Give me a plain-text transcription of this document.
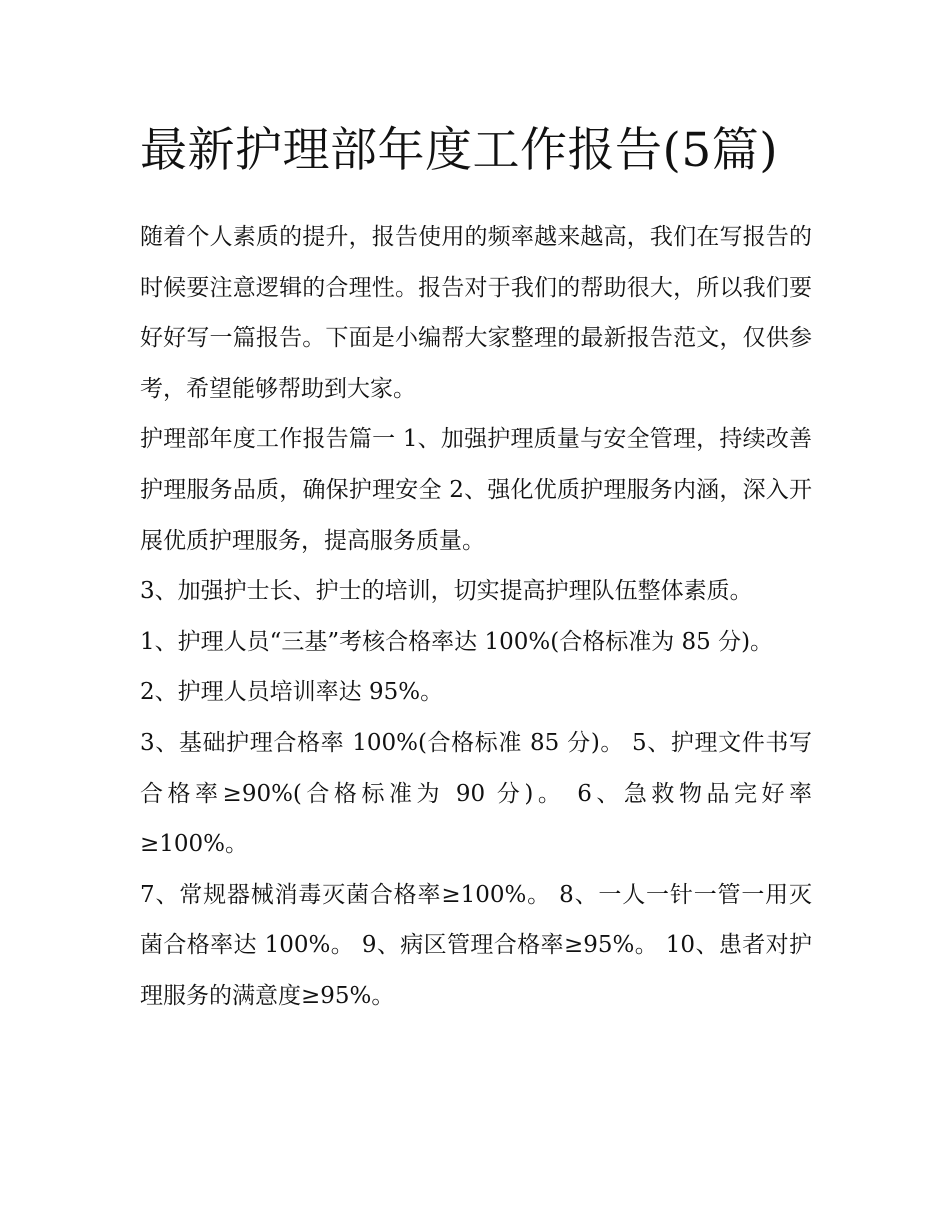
最新护理部年度工作报告(5篇)

随着个人素质的提升，报告使用的频率越来越高，我们在写报告的时候要注意逻辑的合理性。报告对于我们的帮助很大，所以我们要好好写一篇报告。下面是小编帮大家整理的最新报告范文，仅供参考，希望能够帮助到大家。

护理部年度工作报告篇一 1、加强护理质量与安全管理，持续改善护理服务品质，确保护理安全 2、强化优质护理服务内涵，深入开展优质护理服务，提高服务质量。

3、加强护士长、护士的培训，切实提高护理队伍整体素质。

1、护理人员“三基”考核合格率达 100%(合格标准为 85 分)。

2、护理人员培训率达 95%。

3、基础护理合格率 100%(合格标准 85 分)。 5、护理文件书写合格率≥90%(合格标准为 90 分)。 6、急救物品完好率≥100%。

7、常规器械消毒灭菌合格率≥100%。 8、一人一针一管一用灭菌合格率达 100%。 9、病区管理合格率≥95%。 10、患者对护理服务的满意度≥95%。
